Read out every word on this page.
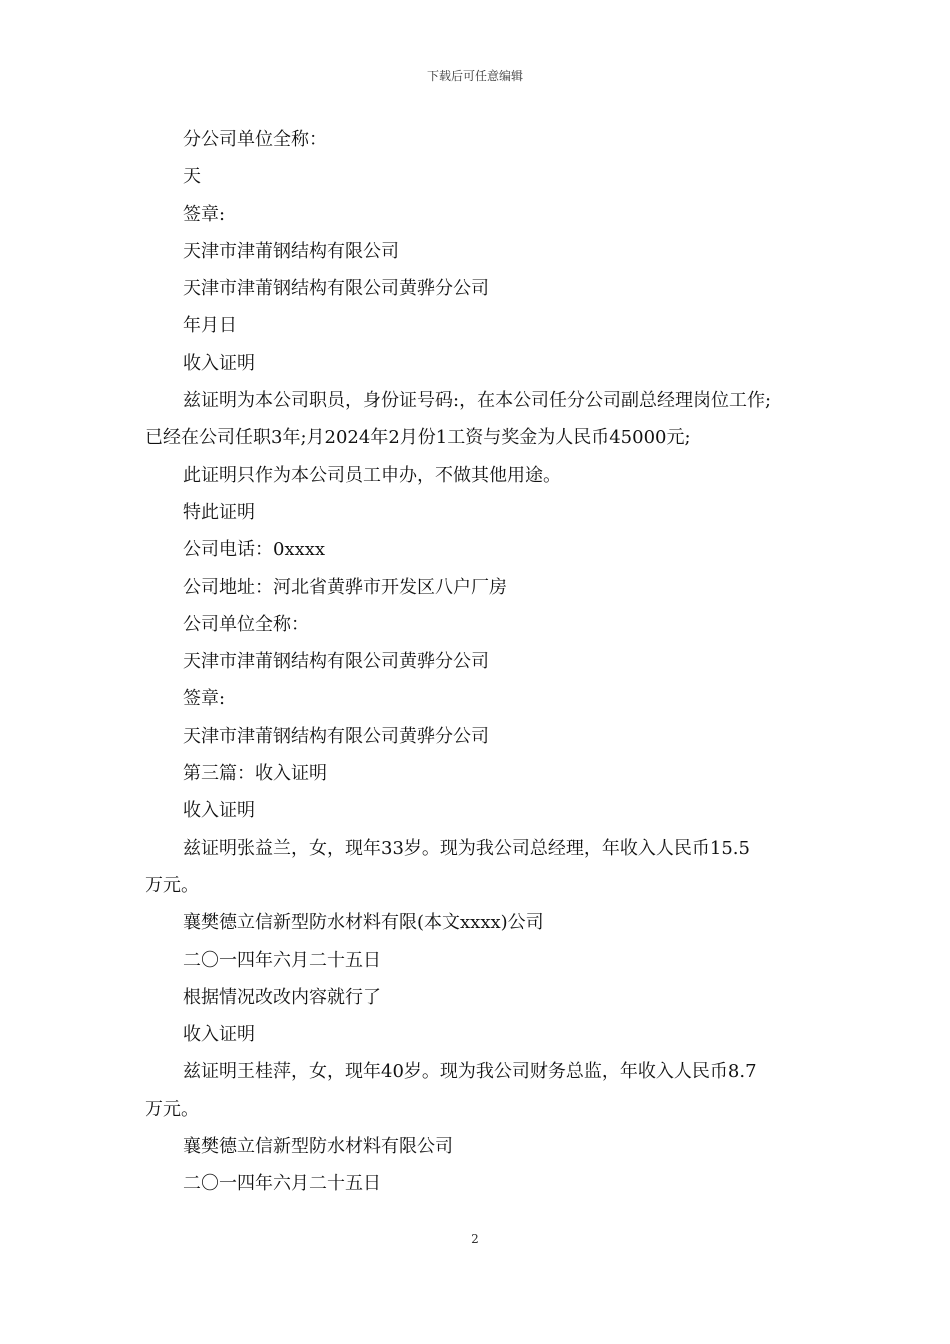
下载后可任意编辑

分公司单位全称：

天

签章:

天津市津莆钢结构有限公司

天津市津莆钢结构有限公司黄骅分公司

年月日

收入证明

兹证明为本公司职员，身份证号码:，在本公司任分公司副总经理岗位工作;

已经在公司任职3年;月2024年2月份1工资与奖金为人民币45000元;

此证明只作为本公司员工申办，不做其他用途。

特此证明

公司电话：0xxxx

公司地址：河北省黄骅市开发区八户厂房

公司单位全称：

天津市津莆钢结构有限公司黄骅分公司

签章:

天津市津莆钢结构有限公司黄骅分公司

第三篇：收入证明

收入证明

兹证明张益兰，女，现年33岁。现为我公司总经理，年收入人民币15.5

万元。

襄樊德立信新型防水材料有限(本文xxxx)公司

二〇一四年六月二十五日

根据情况改改内容就行了

收入证明

兹证明王桂萍，女，现年40岁。现为我公司财务总监，年收入人民币8.7

万元。

襄樊德立信新型防水材料有限公司

二〇一四年六月二十五日

2
